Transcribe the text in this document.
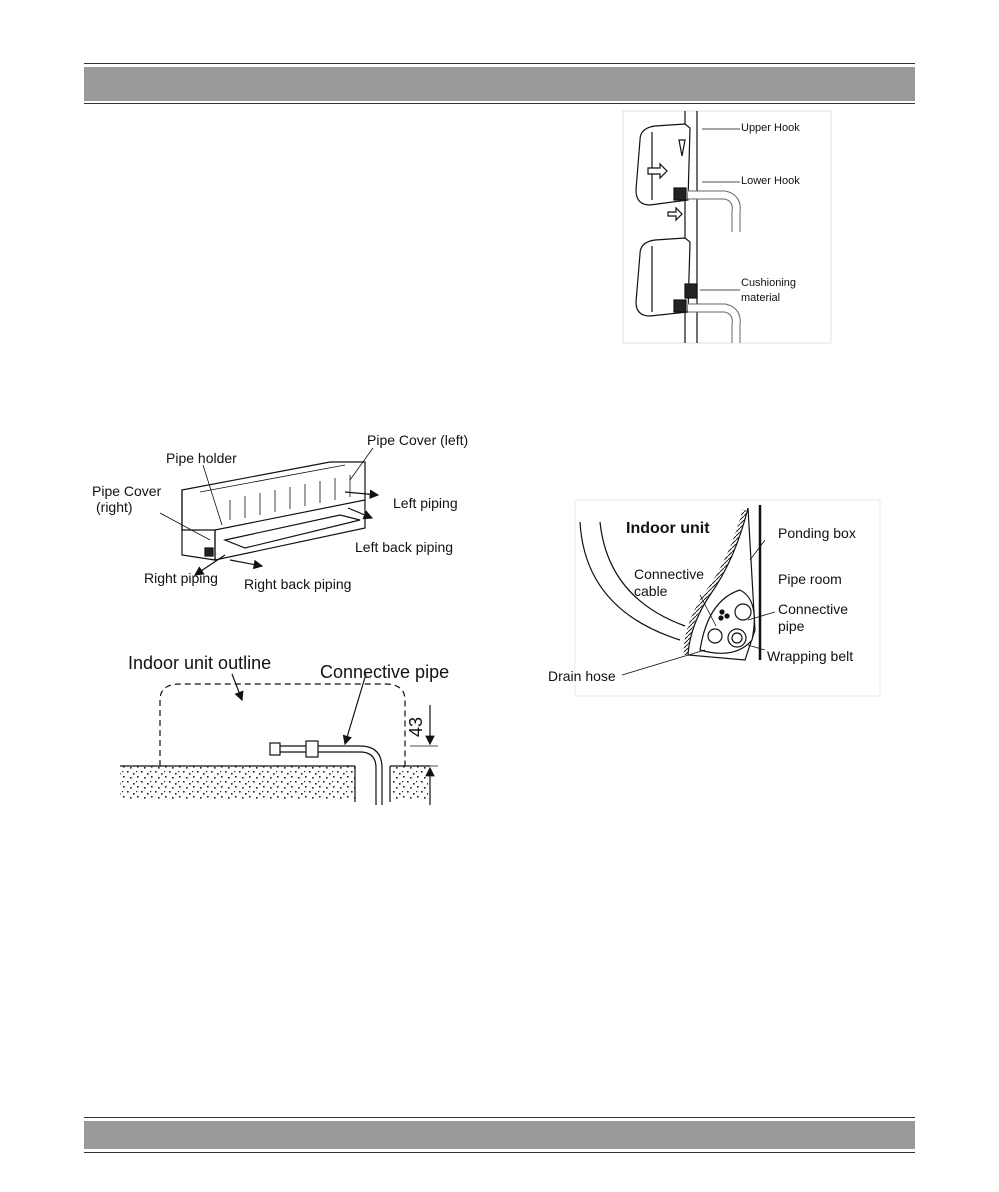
Upper Hook
Lower Hook
Cushioning
material
Pipe Cover (left)
Pipe holder
Pipe Cover
(right)	Left piping
Left back piping
Right piping Right back piping
Indoor unit	Ponding box
Pipe room
Connective
cable
Connective
pipe
Wrapping belt
Drain hose
Indoor unit outline	Connective pipe
43
